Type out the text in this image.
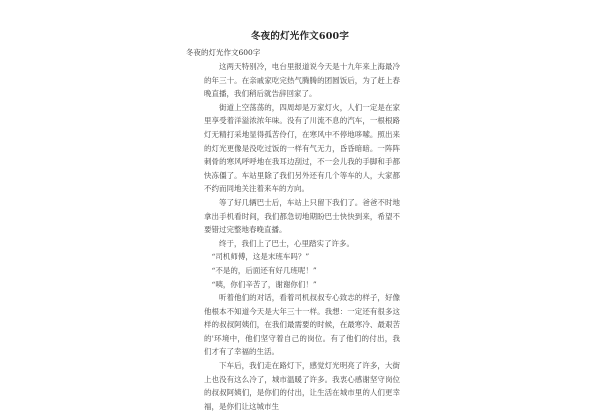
冬夜的灯光作文600字
冬夜的灯光作文600字

这两天特别冷，电台里报道说今天是十九年来上海最冷的年三十。在亲戚家吃完热气腾腾的团圆饭后，为了赶上春晚直播，我们稍后就告辞回家了。

街道上空荡荡的，四周却是万家灯火，人们一定是在家里享受着洋溢浓浓年味。没有了川流不息的汽车，一根根路灯无精打采地显得孤苦伶仃，在寒风中不停地哆嗦。照出来的灯光更像是没吃过饭的一样有气无力，昏昏暗暗。一阵阵刺骨的寒风呼呼地在我耳边刮过，不一会儿我的手脚和手都快冻僵了。车站里除了我们另外还有几个等车的人，大家都不约而同地关注着来车的方向。

等了好几辆巴士后，车站上只留下我们了。爸爸不时地拿出手机看时间，我们都急切地期盼巴士快快到来，希望不要错过完整地春晚直播。

终于，我们上了巴士，心里踏实了许多。

“司机师傅，这是末班车吗？”

“不是的，后面还有好几班呢！”

“咦，你们辛苦了，谢谢你们！”

听着他们的对话，看着司机叔叔专心致志的样子，好像他根本不知道今天是大年三十一样。我想：一定还有很多这样的叔叔阿姨们，在我们最需要的时候，在最寒冷、最艰苦的'环境中，他们坚守着自己的岗位。有了他们的付出，我们才有了幸福的生活。

下车后，我们走在路灯下，感觉灯光明亮了许多，大街上也没有这么冷了，城市温暖了许多。我衷心感谢坚守岗位的叔叔阿姨们，是你们的付出，让生活在城市里的人们更幸福，是你们让这城市生
